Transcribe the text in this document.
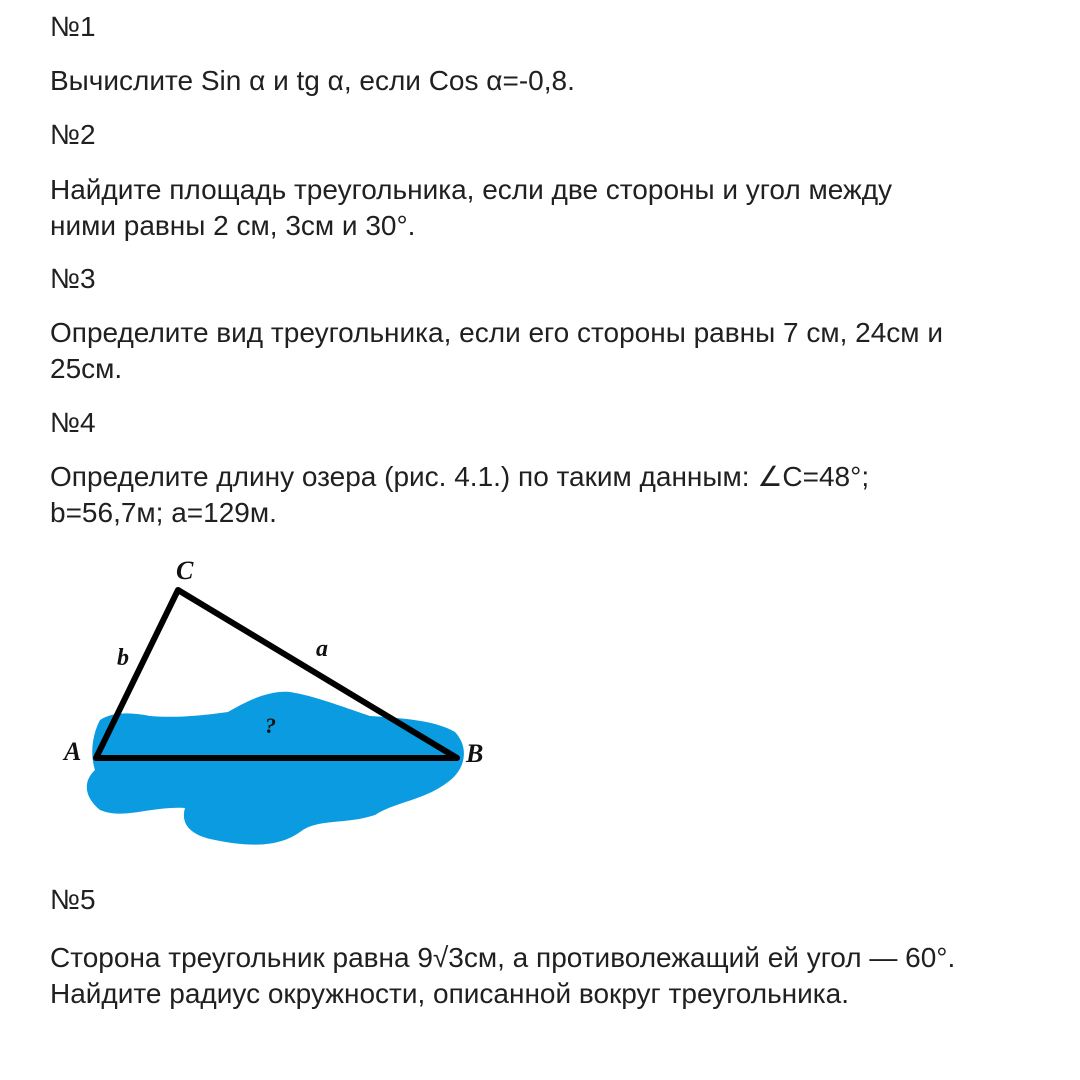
№1

Вычислите Sin α и tg α, если Cos α=-0,8.

№2

Найдите площадь треугольника, если две стороны и угол между

ними равны 2 см, 3см и 30°.

№3

Определите вид треугольника, если его стороны равны 7 см, 24см и

25см.

№4

Определите длину озера (рис. 4.1.) по таким данным: ∠C=48°;

b=56,7м; a=129м.

C
A	B
a
b
?

№5

Сторона треугольник равна 9√3см, а противолежащий ей угол — 60°.

Найдите радиус окружности, описанной вокруг треугольника.
